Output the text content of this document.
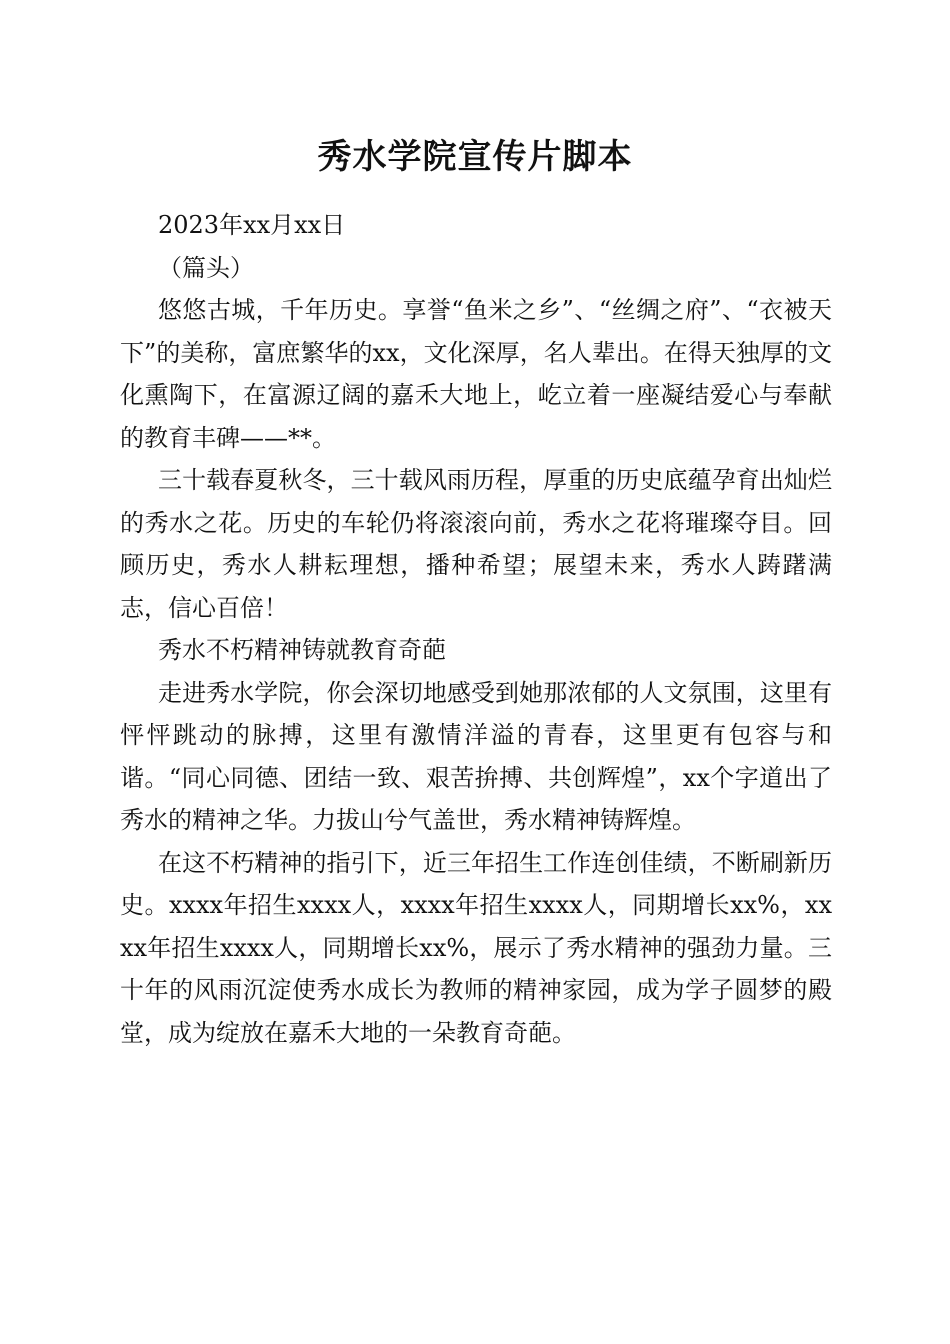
秀水学院宣传片脚本

2023年xx月xx日

（篇头）

悠悠古城，千年历史。享誉“鱼米之乡”、“丝绸之府”、“衣被天下”的美称，富庶繁华的xx，文化深厚，名人辈出。在得天独厚的文化熏陶下，在富源辽阔的嘉禾大地上，屹立着一座凝结爱心与奉献的教育丰碑——**。

三十载春夏秋冬，三十载风雨历程，厚重的历史底蕴孕育出灿烂的秀水之花。历史的车轮仍将滚滚向前，秀水之花将璀璨夺目。回顾历史，秀水人耕耘理想，播种希望；展望未来，秀水人踌躇满志，信心百倍！

秀水不朽精神铸就教育奇葩

走进秀水学院，你会深切地感受到她那浓郁的人文氛围，这里有怦怦跳动的脉搏，这里有激情洋溢的青春，这里更有包容与和谐。“同心同德、团结一致、艰苦拚搏、共创辉煌”，xx个字道出了秀水的精神之华。力拔山兮气盖世，秀水精神铸辉煌。

在这不朽精神的指引下，近三年招生工作连创佳绩，不断刷新历史。xxxx年招生xxxx人，xxxx年招生xxxx人，同期增长xx%，xxxx年招生xxxx人，同期增长xx%，展示了秀水精神的强劲力量。三十年的风雨沉淀使秀水成长为教师的精神家园，成为学子圆梦的殿堂，成为绽放在嘉禾大地的一朵教育奇葩。
